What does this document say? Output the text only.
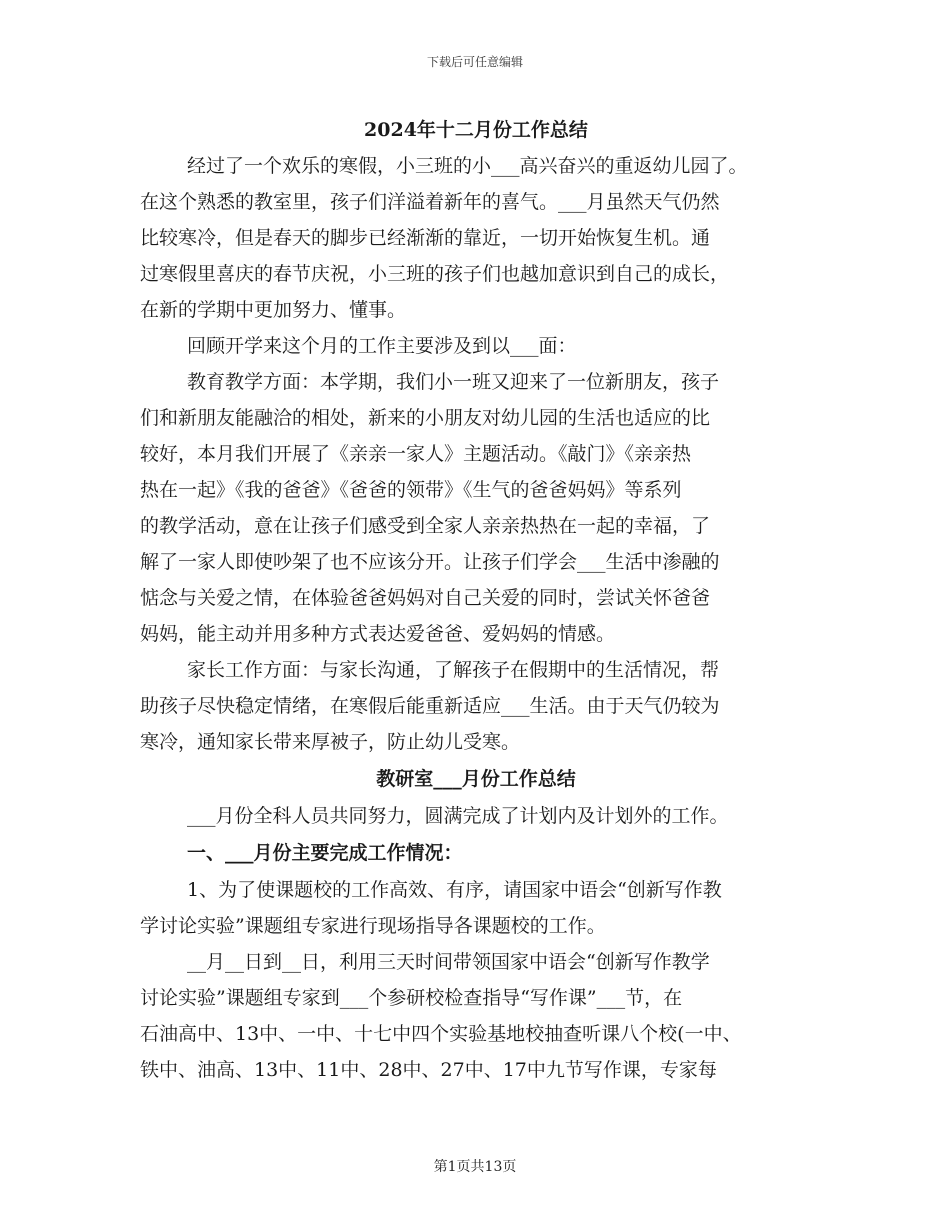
下载后可任意编辑
2024年十二月份工作总结
经过了一个欢乐的寒假，小三班的小___高兴奋兴的重返幼儿园了。
在这个熟悉的教室里，孩子们洋溢着新年的喜气。___月虽然天气仍然
比较寒冷，但是春天的脚步已经渐渐的靠近，一切开始恢复生机。通
过寒假里喜庆的春节庆祝，小三班的孩子们也越加意识到自己的成长，
在新的学期中更加努力、懂事。
回顾开学来这个月的工作主要涉及到以___面：
教育教学方面：本学期，我们小一班又迎来了一位新朋友，孩子
们和新朋友能融洽的相处，新来的小朋友对幼儿园的生活也适应的比
较好，本月我们开展了《亲亲一家人》主题活动。《敲门》《亲亲热
热在一起》《我的爸爸》《爸爸的领带》《生气的爸爸妈妈》等系列
的教学活动，意在让孩子们感受到全家人亲亲热热在一起的幸福，了
解了一家人即使吵架了也不应该分开。让孩子们学会___生活中渗融的
惦念与关爱之情，在体验爸爸妈妈对自己关爱的同时，尝试关怀爸爸
妈妈，能主动并用多种方式表达爱爸爸、爱妈妈的情感。
家长工作方面：与家长沟通，了解孩子在假期中的生活情况，帮
助孩子尽快稳定情绪，在寒假后能重新适应___生活。由于天气仍较为
寒冷，通知家长带来厚被子，防止幼儿受寒。
教研室___月份工作总结
___月份全科人员共同努力，圆满完成了计划内及计划外的工作。
一、___月份主要完成工作情况：
1、为了使课题校的工作高效、有序，请国家中语会“创新写作教
学讨论实验”课题组专家进行现场指导各课题校的工作。
__月__日到__日，利用三天时间带领国家中语会“创新写作教学
讨论实验”课题组专家到___个参研校检查指导“写作课”___节，在
石油高中、13中、一中、十七中四个实验基地校抽查听课八个校(一中、
铁中、油高、13中、11中、28中、27中、17中九节写作课，专家每
第1页共13页
